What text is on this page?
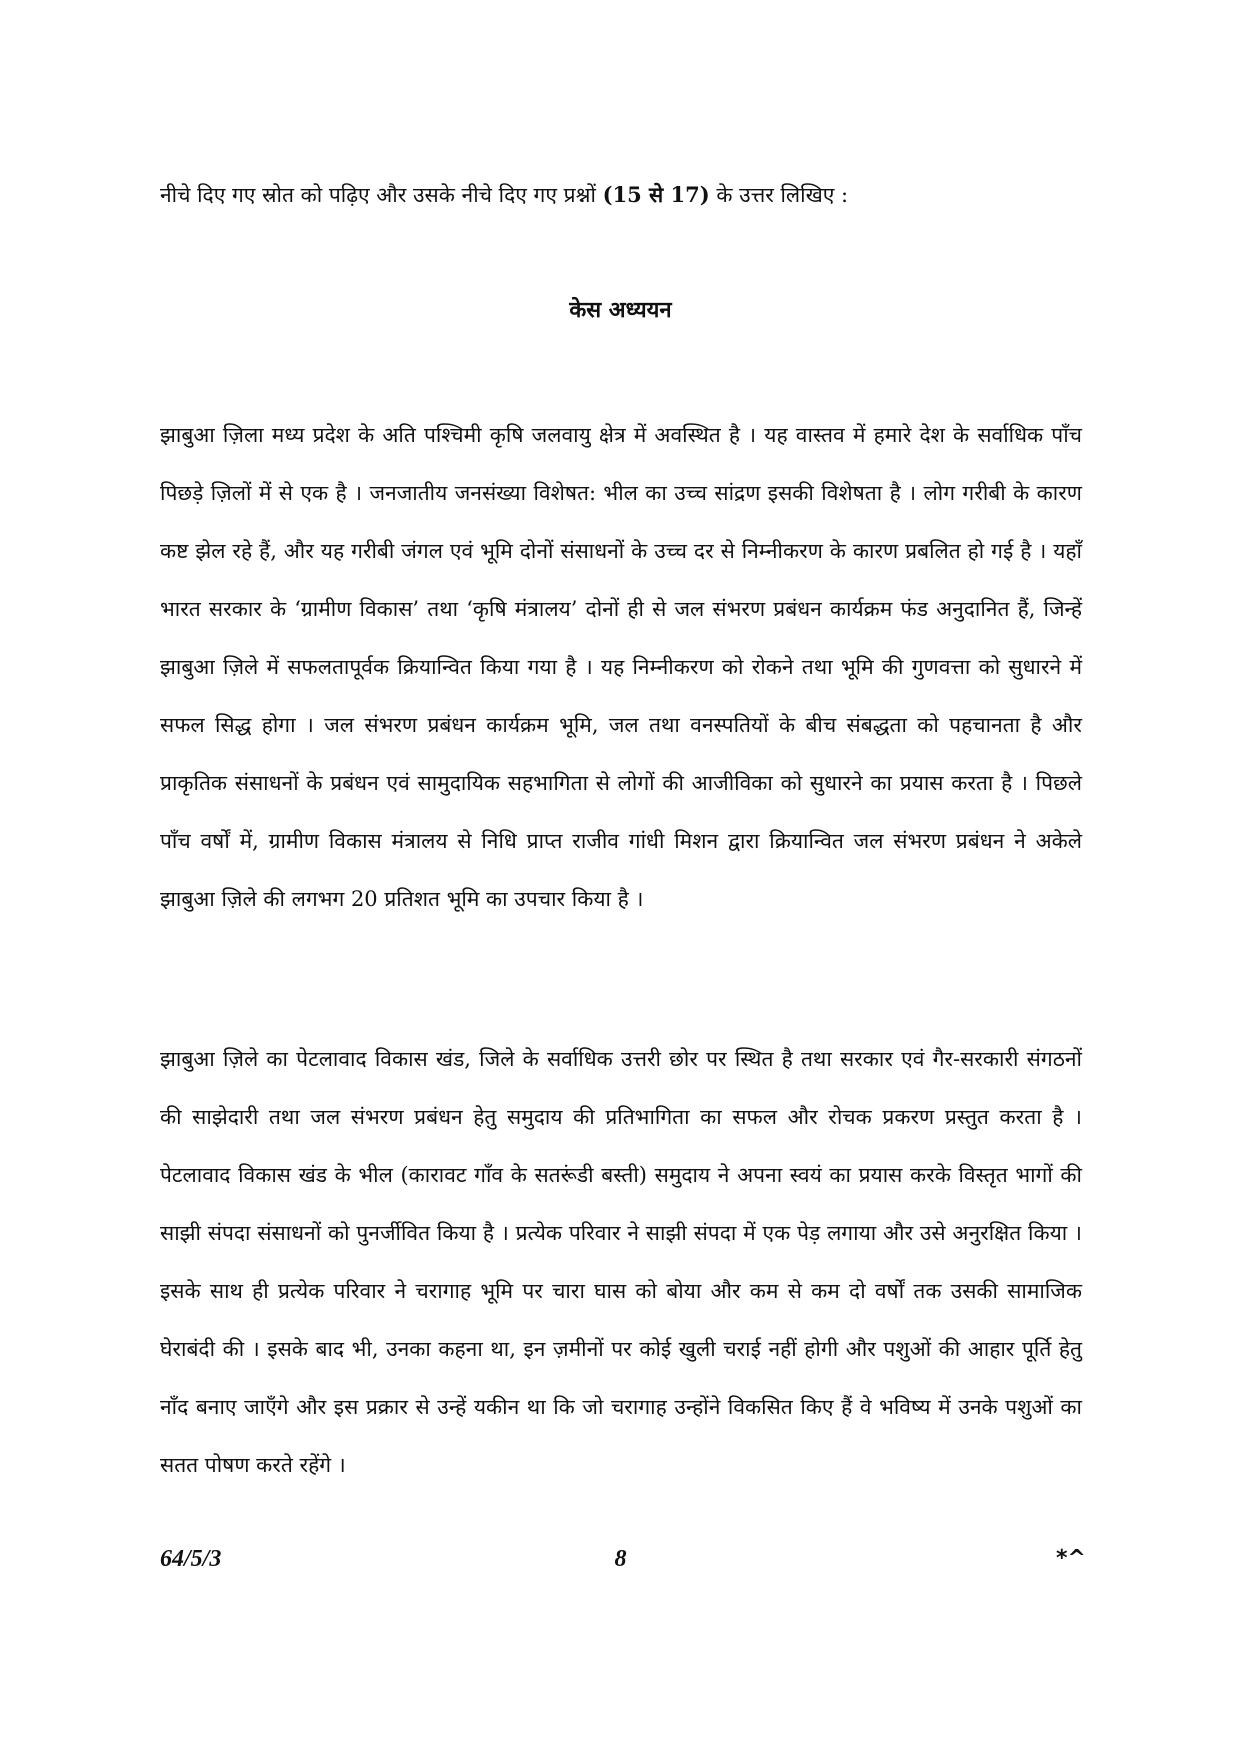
नीचे दिए गए स्रोत को पढ़िए और उसके नीचे दिए गए प्रश्नों (15 से 17) के उत्तर लिखिए :
केस अध्ययन

झाबुआ ज़िला मध्य प्रदेश के अति पश्चिमी कृषि जलवायु क्षेत्र में अवस्थित है । यह वास्तव में हमारे देश के सर्वाधिक पाँच पिछड़े ज़िलों में से एक है । जनजातीय जनसंख्या विशेषत: भील का उच्च सांद्रण इसकी विशेषता है । लोग गरीबी के कारण कष्ट झेल रहे हैं, और यह गरीबी जंगल एवं भूमि दोनों संसाधनों के उच्च दर से निम्नीकरण के कारण प्रबलित हो गई है । यहाँ भारत सरकार के ‘ग्रामीण विकास’ तथा ‘कृषि मंत्रालय’ दोनों ही से जल संभरण प्रबंधन कार्यक्रम फंड अनुदानित हैं, जिन्हें झाबुआ ज़िले में सफलतापूर्वक क्रियान्वित किया गया है । यह निम्नीकरण को रोकने तथा भूमि की गुणवत्ता को सुधारने में सफल सिद्ध होगा । जल संभरण प्रबंधन कार्यक्रम भूमि, जल तथा वनस्पतियों के बीच संबद्धता को पहचानता है और प्राकृतिक संसाधनों के प्रबंधन एवं सामुदायिक सहभागिता से लोगों की आजीविका को सुधारने का प्रयास करता है । पिछले पाँच वर्षों में, ग्रामीण विकास मंत्रालय से निधि प्राप्त राजीव गांधी मिशन द्वारा क्रियान्वित जल संभरण प्रबंधन ने अकेले झाबुआ ज़िले की लगभग 20 प्रतिशत भूमि का उपचार किया है ।

झाबुआ ज़िले का पेटलावाद विकास खंड, जिले के सर्वाधिक उत्तरी छोर पर स्थित है तथा सरकार एवं गैर-सरकारी संगठनों की साझेदारी तथा जल संभरण प्रबंधन हेतु समुदाय की प्रतिभागिता का सफल और रोचक प्रकरण प्रस्तुत करता है । पेटलावाद विकास खंड के भील (कारावट गाँव के सतरूंडी बस्ती) समुदाय ने अपना स्वयं का प्रयास करके विस्तृत भागों की साझी संपदा संसाधनों को पुनर्जीवित किया है । प्रत्येक परिवार ने साझी संपदा में एक पेड़ लगाया और उसे अनुरक्षित किया । इसके साथ ही प्रत्येक परिवार ने चरागाह भूमि पर चारा घास को बोया और कम से कम दो वर्षों तक उसकी सामाजिक घेराबंदी की । इसके बाद भी, उनका कहना था, इन ज़मीनों पर कोई खुली चराई नहीं होगी और पशुओं की आहार पूर्ति हेतु नाँद बनाए जाएँगे और इस प्रक्रार से उन्हें यकीन था कि जो चरागाह उन्होंने विकसित किए हैं वे भविष्य में उनके पशुओं का सतत पोषण करते रहेंगे ।

64/5/3	8	*^
